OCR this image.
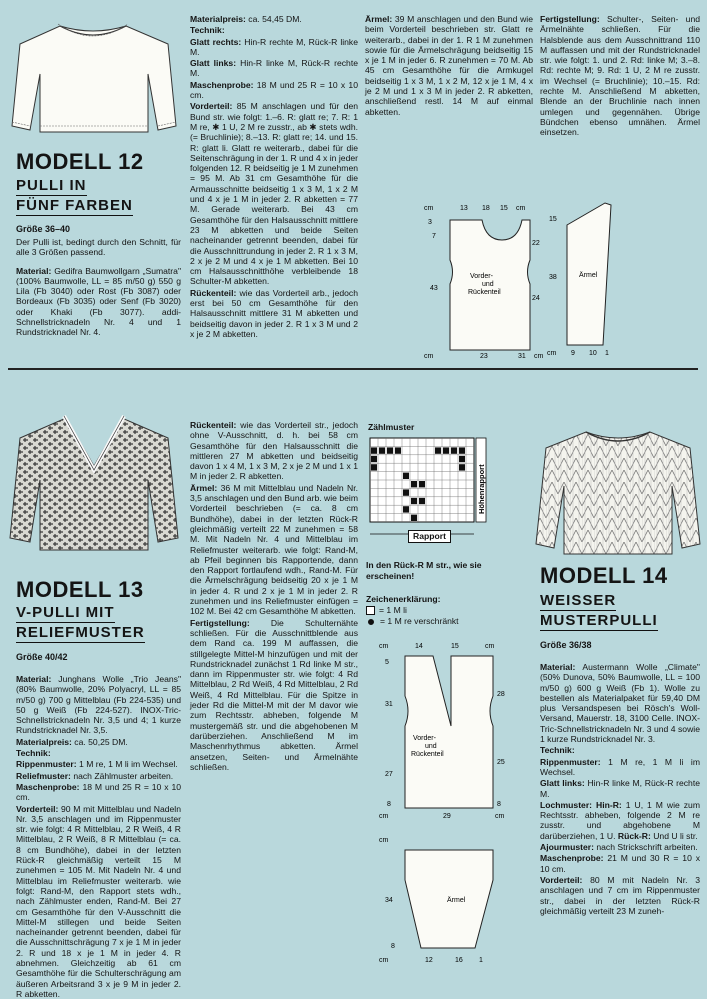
MODELL 12
PULLI IN
FÜNF FARBEN
Größe 36–40

Der Pulli ist, bedingt durch den Schnitt, für alle 3 Größen passend.

Material: Gedifra Baumwollgarn „Sumatra" (100% Baumwolle, LL = 85 m/50 g) 550 g Lila (Fb 3040) oder Rost (Fb 3087) oder Bordeaux (Fb 3035) oder Senf (Fb 3020) oder Khaki (Fb 3077). addi-Schnellstricknadeln Nr. 4 und 1 Rundstricknadel Nr. 4.

Materialpreis: ca. 54,45 DM.

Technik:

Glatt rechts: Hin-R rechte M, Rück-R linke M.

Glatt links: Hin-R linke M, Rück-R rechte M.

Maschenprobe: 18 M und 25 R = 10 x 10 cm.

Vorderteil: 85 M anschlagen und für den Bund str. wie folgt: 1.–6. R: glatt re; 7. R: 1 M re, ✱ 1 U, 2 M re zusstr., ab ✱ stets wdh. (= Bruchlinie); 8.–13. R: glatt re; 14. und 15. R: glatt li. Glatt re weiterarb., dabei für die Seitenschrägung in der 1. R und 4 x in jeder folgenden 12. R beidseitig je 1 M zunehmen = 95 M. Ab 31 cm Gesamthöhe für die Armausschnitte beidseitig 1 x 3 M, 1 x 2 M und 4 x je 1 M in jeder 2. R abketten = 77 M. Gerade weiterarb. Bei 43 cm Gesamthöhe für den Halsausschnitt mittlere 23 M abketten und beide Seiten nacheinander getrennt beenden, dabei für die Ausschnittrundung in jeder 2. R 1 x 3 M, 2 x je 2 M und 4 x je 1 M abketten. Bei 10 cm Halsausschnitthöhe verbleibende 18 Schulter-M abketten.

Rückenteil: wie das Vorderteil arb., jedoch erst bei 50 cm Gesamthöhe für den Halsausschnitt mittlere 31 M abketten und beidseitig davon in jeder 2. R 1 x 3 M und 2 x je 2 M abketten.

Ärmel: 39 M anschlagen und den Bund wie beim Vorderteil beschrieben str. Glatt re weiterarb., dabei in der 1. R 1 M zunehmen sowie für die Ärmelschrägung beidseitig 15 x je 1 M in jeder 6. R zunehmen = 70 M. Ab 45 cm Gesamthöhe für die Armkugel beidseitig 1 x 3 M, 1 x 2 M, 12 x je 1 M, 4 x je 2 M und 1 x 3 M in jeder 2. R abketten, anschließend restl. 14 M auf einmal abketten.

Fertigstellung: Schulter-, Seiten- und Ärmelnähte schließen. Für die Halsblende aus dem Ausschnittrand 110 M auffassen und mit der Rundstricknadel str. wie folgt: 1. und 2. Rd: linke M; 3.–8. Rd: rechte M; 9. Rd: 1 U, 2 M re zusstr. im Wechsel (= Bruchlinie); 10.–15. Rd: rechte M. Anschließend M abketten, Blende an der Bruchlinie nach innen umlegen und gegennähen. Übrige Bündchen ebenso umnähen. Ärmel einsetzen.

cm	13 18 15 cm
3
7
43
22
24
Vorder-
und
Rückenteil
cm	23	31 cm
15
38	Ärmel
cm 9 10 1
MODELL 13
V-PULLI MIT
RELIEFMUSTER
Größe 40/42

Material: Junghans Wolle „Trio Jeans" (80% Baumwolle, 20% Polyacryl, LL = 85 m/50 g) 700 g Mittelblau (Fb 224-535) und 50 g Weiß (Fb 224-527). INOX-Tric-Schnellstricknadeln Nr. 3,5 und 4; 1 kurze Rundstricknadel Nr. 3,5.

Materialpreis: ca. 50,25 DM.

Technik:

Rippenmuster: 1 M re, 1 M li im Wechsel.

Reliefmuster: nach Zählmuster arbeiten.

Maschenprobe: 18 M und 25 R = 10 x 10 cm.

Vorderteil: 90 M mit Mittelblau und Nadeln Nr. 3,5 anschlagen und im Rippenmuster str. wie folgt: 4 R Mittelblau, 2 R Weiß, 4 R Mittelblau, 2 R Weiß, 8 R Mittelblau (= ca. 8 cm Bundhöhe), dabei in der letzten Rück-R gleichmäßig verteilt 15 M zunehmen = 105 M. Mit Nadeln Nr. 4 und Mittelblau im Reliefmuster weiterarb. wie folgt: Rand-M, den Rapport stets wdh., nach Zählmuster enden, Rand-M. Bei 27 cm Gesamthöhe für den V-Ausschnitt die Mittel-M stillegen und beide Seiten nacheinander getrennt beenden, dabei für die Ausschnittschrägung 7 x je 1 M in jeder 2. R und 18 x je 1 M in jeder 4. R abnehmen. Gleichzeitig ab 61 cm Gesamthöhe für die Schulterschrägung am äußeren Arbeitsrand 3 x je 9 M in jeder 2. R abketten.

Rückenteil: wie das Vorderteil str., jedoch ohne V-Ausschnitt, d. h. bei 58 cm Gesamthöhe für den Halsausschnitt die mittleren 27 M abketten und beidseitig davon 1 x 4 M, 1 x 3 M, 2 x je 2 M und 1 x 1 M in jeder 2. R abketten.

Ärmel: 36 M mit Mittelblau und Nadeln Nr. 3,5 anschlagen und den Bund arb. wie beim Vorderteil beschrieben (= ca. 8 cm Bundhöhe), dabei in der letzten Rück-R gleichmäßig verteilt 22 M zunehmen = 58 M. Mit Nadeln Nr. 4 und Mittelblau im Reliefmuster weiterarb. wie folgt: Rand-M, ab Pfeil beginnen bis Rapportende, dann den Rapport fortlaufend wdh., Rand-M. Für die Ärmelschrägung beidseitig 20 x je 1 M in jeder 4. R und 2 x je 1 M in jeder 2. R zunehmen und ins Reliefmuster einfügen = 102 M. Bei 42 cm Gesamthöhe M abketten.

Fertigstellung: Die Schulternähte schließen. Für die Ausschnittblende aus dem Rand ca. 199 M auffassen, die stillgelegte Mittel-M hinzufügen und mit der Rundstricknadel zunächst 1 Rd linke M str., dann im Rippenmuster str. wie folgt: 4 Rd Mittelblau, 2 Rd Weiß, 4 Rd Mittelblau, 2 Rd Weiß, 4 Rd Mittelblau. Für die Spitze in jeder Rd die Mittel-M mit der M davor wie zum Rechtsstr. abheben, folgende M mustergemäß str. und die abgehobenen M darüberziehen. Anschließend M im Maschenrhythmus abketten. Ärmel ansetzen, Seiten- und Ärmelnähte schließen.

Zählmuster
Höhenrapport
Rapport
In den Rück-R M str., wie sie erscheinen!
Zeichenerklärung:
= 1 M li
= 1 M re verschränkt
cm	14	15	cm
5
31
27
8
28
25
8
Vorder-
und
Rückenteil
cm	29	cm
cm
34
8
Ärmel
cm	12	16 1
MODELL 14
WEISSER
MUSTERPULLI
Größe 36/38

Material: Austermann Wolle „Climate" (50% Dunova, 50% Baumwolle, LL = 100 m/50 g) 600 g Weiß (Fb 1). Wolle zu bestellen als Materialpaket für 59,40 DM plus Versandspesen bei Rösch's Woll-Versand, Mauerstr. 18, 3100 Celle. INOX-Tric-Schnellstricknadeln Nr. 3 und 4 sowie 1 kurze Rundstricknadel Nr. 3.

Technik:

Rippenmuster: 1 M re, 1 M li im Wechsel.

Glatt links: Hin-R linke M, Rück-R rechte M.

Lochmuster: Hin-R: 1 U, 1 M wie zum Rechtsstr. abheben, folgende 2 M re zusstr. und abgehobene M darüberziehen, 1 U. Rück-R: Und U li str.

Ajourmuster: nach Strickschrift arbeiten.

Maschenprobe: 21 M und 30 R = 10 x 10 cm.

Vorderteil: 80 M mit Nadeln Nr. 3 anschlagen und 7 cm im Rippenmuster str., dabei in der letzten Rück-R gleichmäßig verteilt 23 M zuneh-
